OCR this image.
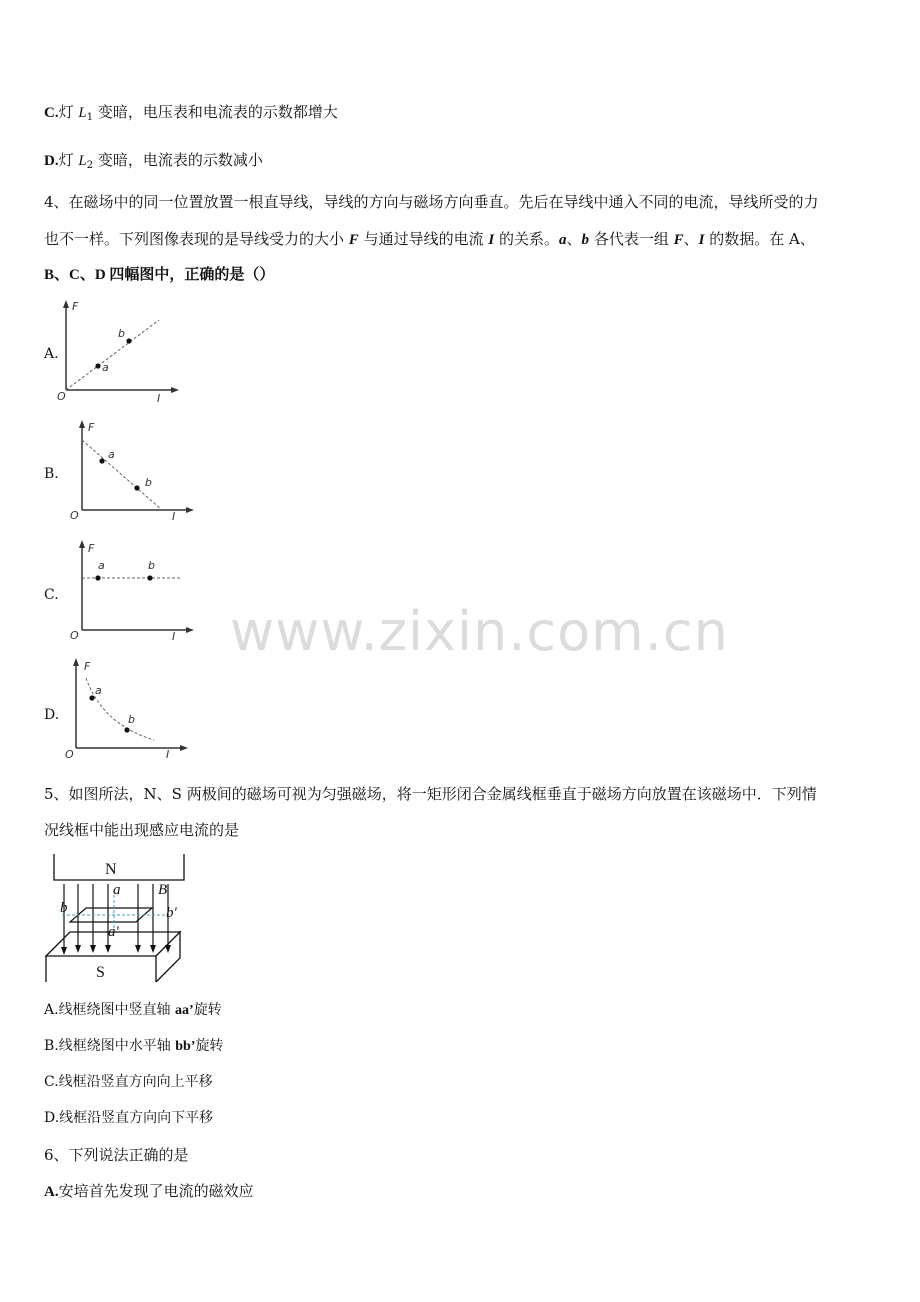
C.灯 $L_1$ 变暗，电压表和电流表的示数都增大
D.灯 $L_2$ 变暗，电流表的示数减小
4、在磁场中的同一位置放置一根直导线，导线的方向与磁场方向垂直。先后在导线中通入不同的电流，导线所受的力
也不一样。下列图像表现的是导线受力的大小 F 与通过导线的电流 I 的关系。a、b 各代表一组 F、I 的数据。在 A、
B、C、D 四幅图中，正确的是（）
A.
F
I
O
a
b
B.
F
I
O
a
b
C.
F
I
O
a	b
D.
F
I
O
a
b
www.zixin.com.cn
5、如图所法，N、S 两极间的磁场可视为匀强磁场，将一矩形闭合金属线框垂直于磁场方向放置在该磁场中．下列情
况线框中能出现感应电流的是
N
S
a
a'
B
b	b'
A.线框绕图中竖直轴 aa’旋转
B.线框绕图中水平轴 bb’旋转
C.线框沿竖直方向向上平移
D.线框沿竖直方向向下平移
6、下列说法正确的是
A.安培首先发现了电流的磁效应
